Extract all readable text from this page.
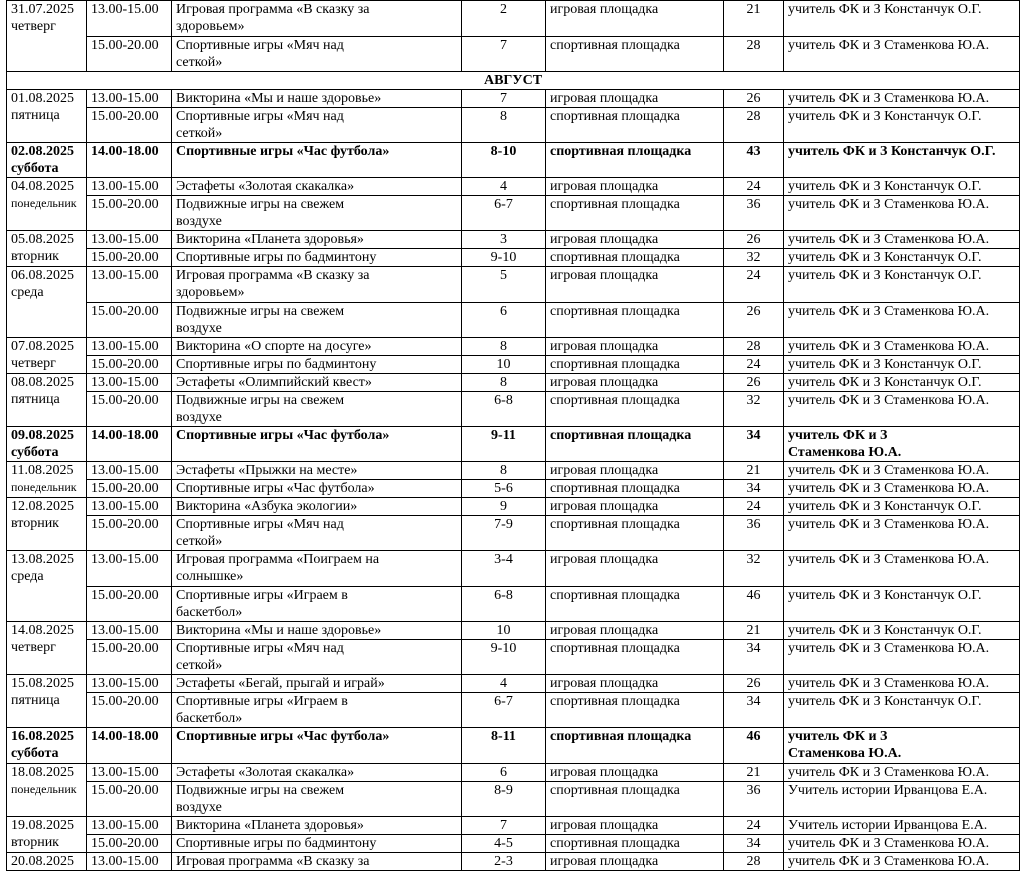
31.07.2025
четверг	13.00-15.00	Игровая программа «В сказку за здоровьем»	2	игровая площадка	21	учитель ФК и З Констанчук О.Г.

	15.00-20.00	Спортивные игры «Мяч над сеткой»	7	спортивная площадка	28	учитель ФК и З Стаменкова Ю.А.

АВГУСТ						

01.08.2025
пятница	13.00-15.00	Викторина «Мы и наше здоровье»	7	игровая площадка	26	учитель ФК и З Стаменкова Ю.А.

	15.00-20.00	Спортивные игры «Мяч над сеткой»	8	спортивная площадка	28	учитель ФК и З Констанчук О.Г.

02.08.2025
суббота	14.00-18.00	Спортивные игры «Час футбола»	8-10	спортивная площадка	43	учитель ФК и З Констанчук О.Г.

04.08.2025
понедельник	13.00-15.00	Эстафеты «Золотая скакалка»	4	игровая площадка	24	учитель ФК и З Констанчук О.Г.

	15.00-20.00	Подвижные игры на свежем воздухе	6-7	спортивная площадка	36	учитель ФК и З Стаменкова Ю.А.

05.08.2025
вторник	13.00-15.00	Викторина «Планета здоровья»	3	игровая площадка	26	учитель ФК и З Стаменкова Ю.А.

	15.00-20.00	Спортивные игры по бадминтону	9-10	спортивная площадка	32	учитель ФК и З Констанчук О.Г.

06.08.2025
среда	13.00-15.00	Игровая программа «В сказку за здоровьем»	5	игровая площадка	24	учитель ФК и З Констанчук О.Г.

	15.00-20.00	Подвижные игры на свежем воздухе	6	спортивная площадка	26	учитель ФК и З Стаменкова Ю.А.

07.08.2025
четверг	13.00-15.00	Викторина «О спорте на досуге»	8	игровая площадка	28	учитель ФК и З Стаменкова Ю.А.

	15.00-20.00	Спортивные игры по бадминтону	10	спортивная площадка	24	учитель ФК и З Констанчук О.Г.

08.08.2025
пятница	13.00-15.00	Эстафеты «Олимпийский квест»	8	игровая площадка	26	учитель ФК и З Констанчук О.Г.

	15.00-20.00	Подвижные игры на свежем воздухе	6-8	спортивная площадка	32	учитель ФК и З Стаменкова Ю.А.

09.08.2025
суббота	14.00-18.00	Спортивные игры «Час футбола»	9-11	спортивная площадка	34	учитель ФК и З Стаменкова Ю.А.

11.08.2025
понедельник	13.00-15.00	Эстафеты «Прыжки на месте»	8	игровая площадка	21	учитель ФК и З Стаменкова Ю.А.

	15.00-20.00	Спортивные игры «Час футбола»	5-6	спортивная площадка	34	учитель ФК и З Стаменкова Ю.А.

12.08.2025
вторник	13.00-15.00	Викторина «Азбука экологии»	9	игровая площадка	24	учитель ФК и З Констанчук О.Г.

	15.00-20.00	Спортивные игры «Мяч над сеткой»	7-9	спортивная площадка	36	учитель ФК и З Стаменкова Ю.А.

13.08.2025
среда	13.00-15.00	Игровая программа «Поиграем на солнышке»	3-4	игровая площадка	32	учитель ФК и З Стаменкова Ю.А.

	15.00-20.00	Спортивные игры «Играем в баскетбол»	6-8	спортивная площадка	46	учитель ФК и З Констанчук О.Г.

14.08.2025
четверг	13.00-15.00	Викторина «Мы и наше здоровье»	10	игровая площадка	21	учитель ФК и З Констанчук О.Г.

	15.00-20.00	Спортивные игры «Мяч над сеткой»	9-10	спортивная площадка	34	учитель ФК и З Стаменкова Ю.А.

15.08.2025
пятница	13.00-15.00	Эстафеты «Бегай, прыгай и играй»	4	игровая площадка	26	учитель ФК и З Стаменкова Ю.А.

	15.00-20.00	Спортивные игры «Играем в баскетбол»	6-7	спортивная площадка	34	учитель ФК и З Констанчук О.Г.

16.08.2025
суббота	14.00-18.00	Спортивные игры «Час футбола»	8-11	спортивная площадка	46	учитель ФК и З Стаменкова Ю.А.

18.08.2025
понедельник	13.00-15.00	Эстафеты «Золотая скакалка»	6	игровая площадка	21	учитель ФК и З Стаменкова Ю.А.

	15.00-20.00	Подвижные игры на свежем воздухе	8-9	спортивная площадка	36	Учитель истории Ирванцова Е.А.

19.08.2025
вторник	13.00-15.00	Викторина «Планета здоровья»	7	игровая площадка	24	Учитель истории Ирванцова Е.А.

	15.00-20.00	Спортивные игры по бадминтону	4-5	спортивная площадка	34	учитель ФК и З Стаменкова Ю.А.

20.08.2025	13.00-15.00	Игровая программа «В сказку за	2-3	игровая площадка	28	учитель ФК и З Стаменкова Ю.А.
